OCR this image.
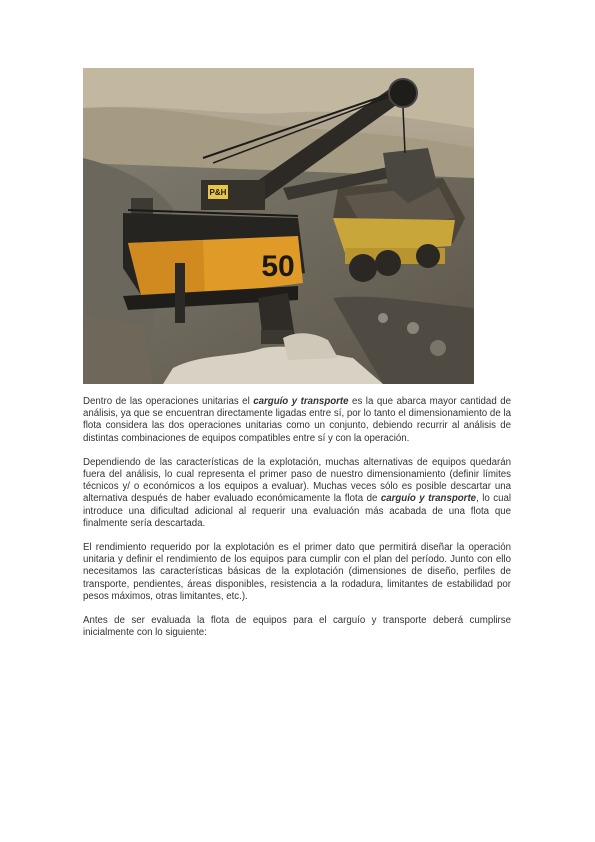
P&H
50

Dentro de las operaciones unitarias el carguío y transporte es la que abarca mayor cantidad de análisis, ya que se encuentran directamente ligadas entre sí, por lo tanto el dimensionamiento de la flota considera las dos operaciones unitarias como un conjunto, debiendo recurrir al análisis de distintas combinaciones de equipos compatibles entre sí y con la operación.

Dependiendo de las características de la explotación, muchas alternativas de equipos quedarán fuera del análisis, lo cual representa el primer paso de nuestro dimensionamiento (definir límites técnicos y/ o económicos a los equipos a evaluar). Muchas veces sólo es posible descartar una alternativa después de haber evaluado económicamente la flota de carguío y transporte, lo cual introduce una dificultad adicional al requerir una evaluación más acabada de una flota que finalmente sería descartada.

El rendimiento requerido por la explotación es el primer dato que permitirá diseñar la operación unitaria y definir el rendimiento de los equipos para cumplir con el plan del período. Junto con ello necesitamos las características básicas de la explotación (dimensiones de diseño, perfiles de transporte, pendientes, áreas disponibles, resistencia a la rodadura, limitantes de estabilidad por pesos máximos, otras limitantes, etc.).

Antes de ser evaluada la flota de equipos para el carguío y transporte deberá cumplirse inicialmente con lo siguiente:
